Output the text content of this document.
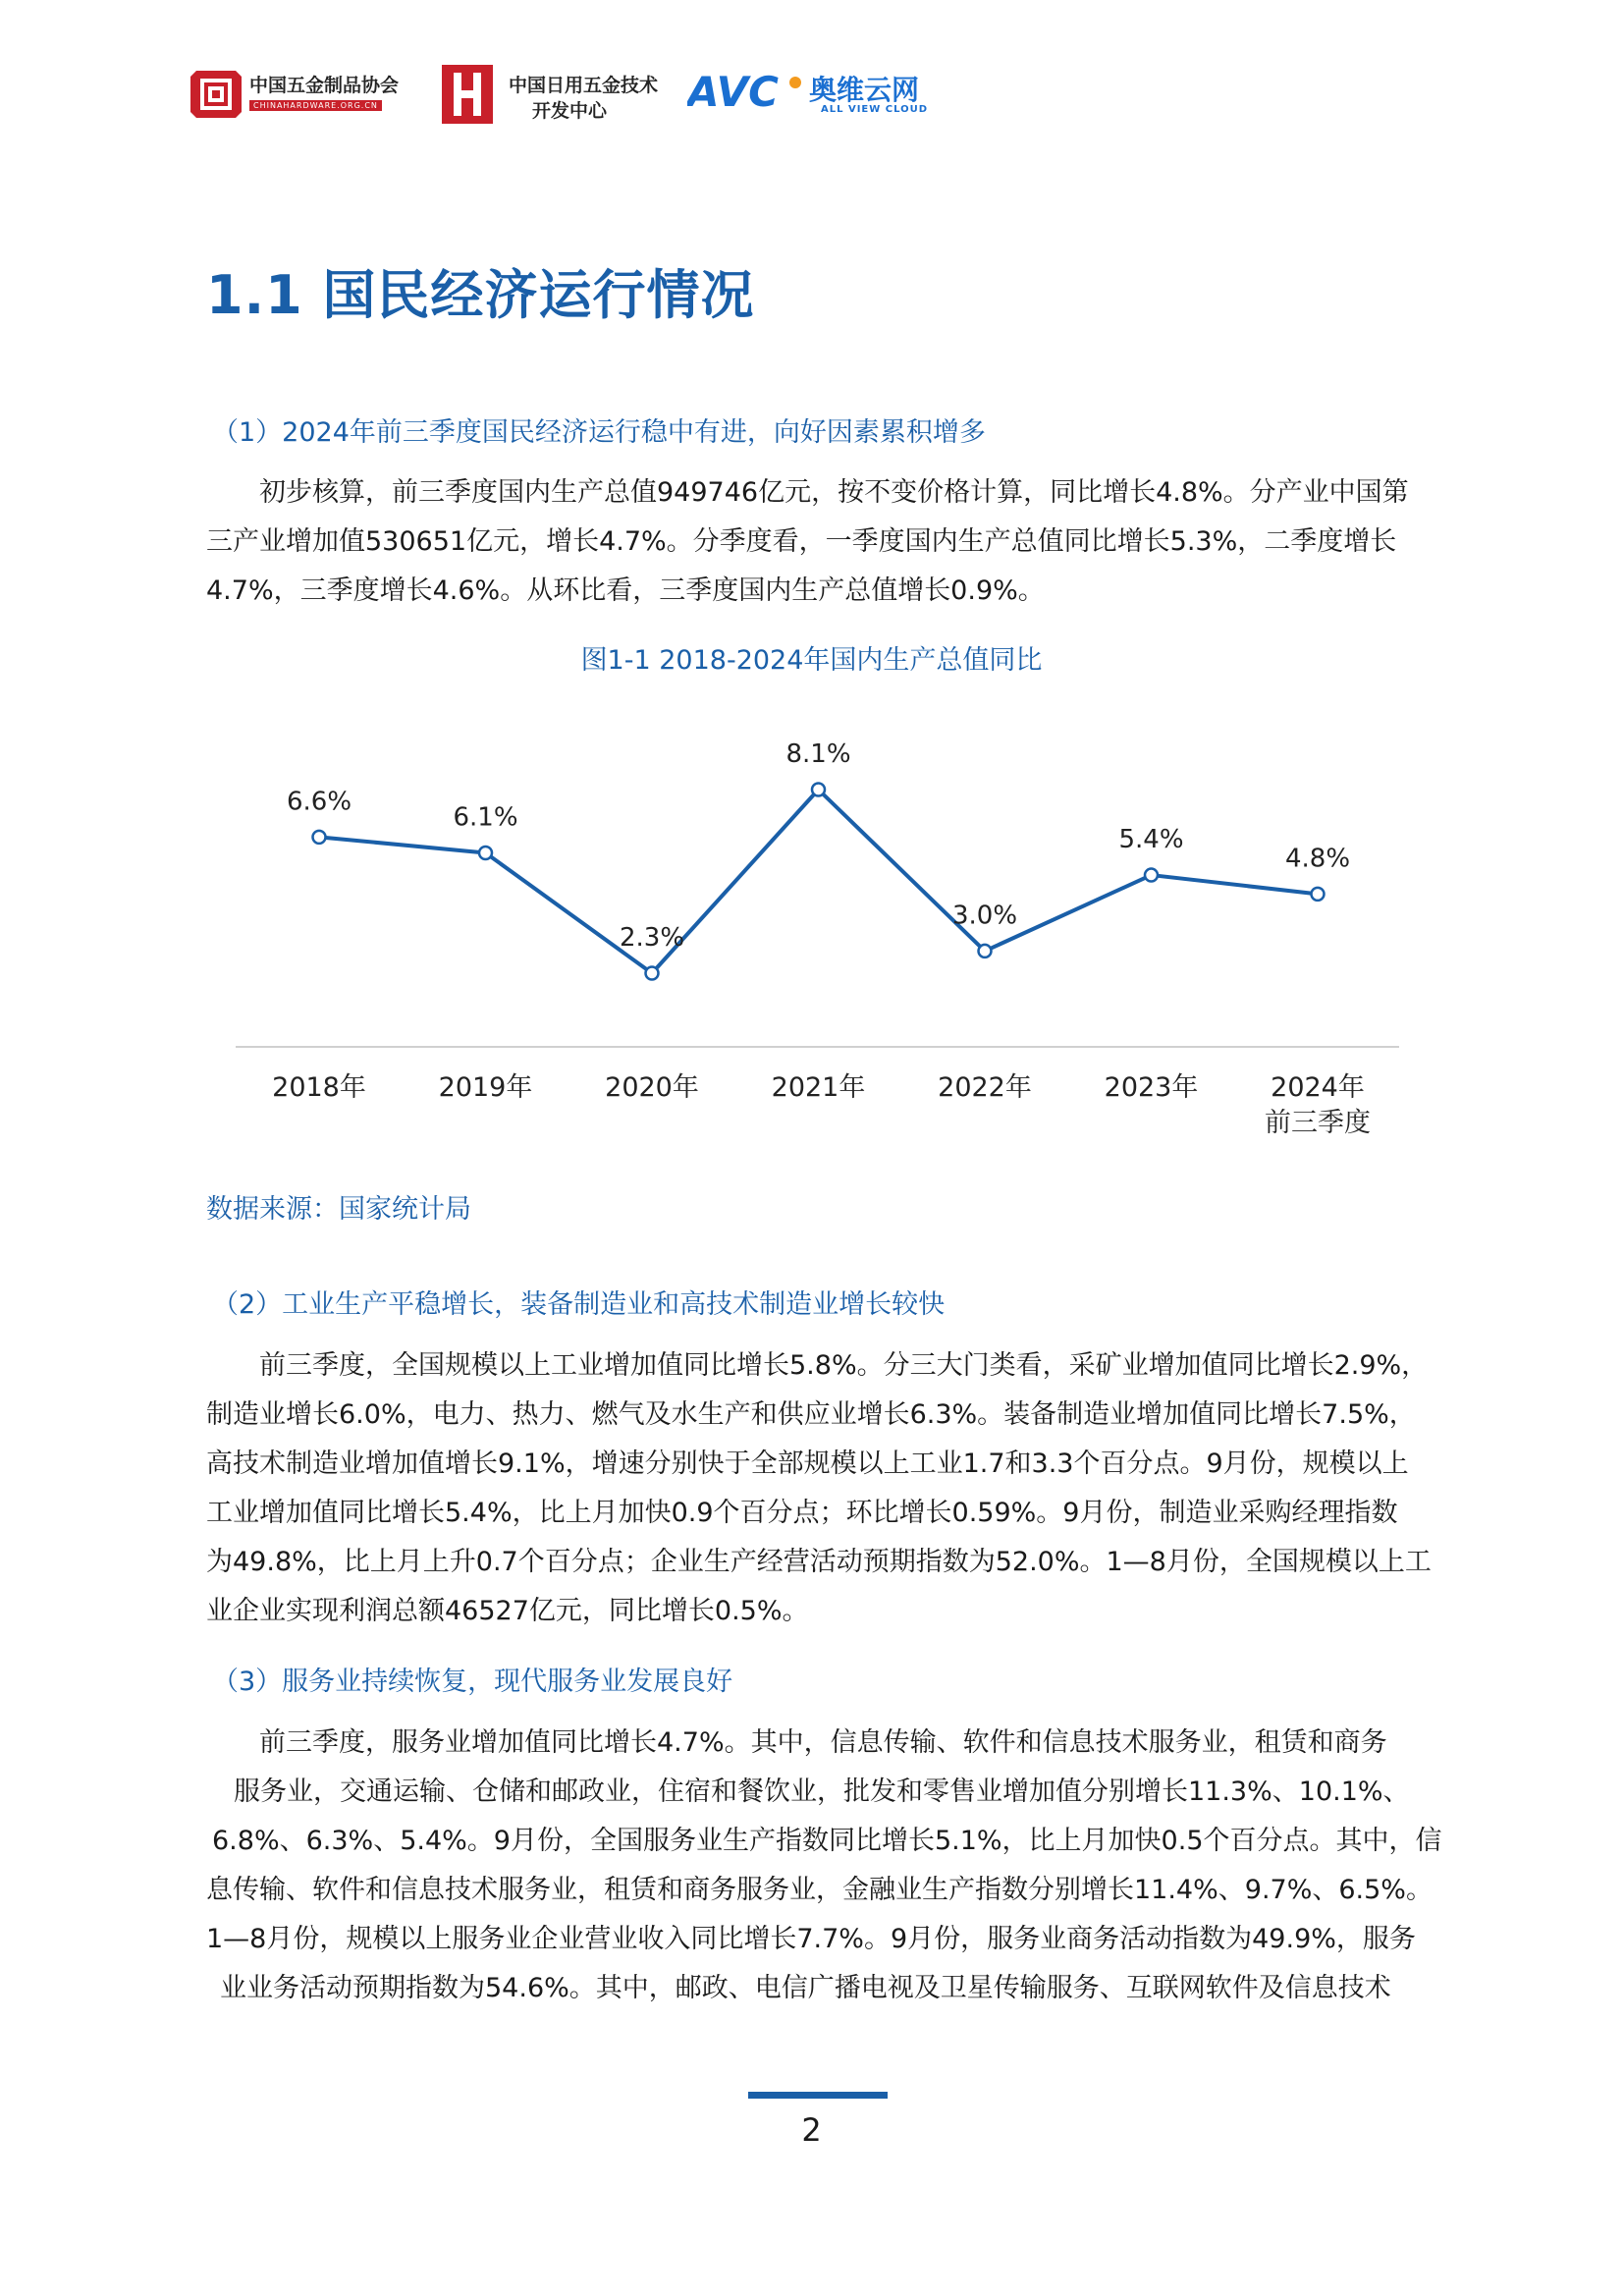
中国五金制品协会
CHINAHARDWARE.ORG.CN
中国日用五金技术
开发中心 AVC 奥维云网
ALL VIEW CLOUD
1.1 国民经济运行情况
（1）2024年前三季度国民经济运行稳中有进，向好因素累积增多

初步核算，前三季度国内生产总值949746亿元，按不变价格计算，同比增长4.8%。分产业中国第

三产业增加值530651亿元，增长4.7%。分季度看，一季度国内生产总值同比增长5.3%，二季度增长

4.7%，三季度增长4.6%。从环比看，三季度国内生产总值增长0.9%。

图1-1 2018-2024年国内生产总值同比
6.6%
6.1%
2.3%
8.1%
3.0%
5.4%
4.8%
2018年	2019年	2020年	2021年	2022年	2023年	2024年
前三季度
数据来源：国家统计局
（2）工业生产平稳增长，装备制造业和高技术制造业增长较快

前三季度，全国规模以上工业增加值同比增长5.8%。分三大门类看，采矿业增加值同比增长2.9%，

制造业增长6.0%，电力、热力、燃气及水生产和供应业增长6.3%。装备制造业增加值同比增长7.5%，

高技术制造业增加值增长9.1%，增速分别快于全部规模以上工业1.7和3.3个百分点。9月份，规模以上

工业增加值同比增长5.4%，比上月加快0.9个百分点；环比增长0.59%。9月份，制造业采购经理指数

为49.8%，比上月上升0.7个百分点；企业生产经营活动预期指数为52.0%。1—8月份，全国规模以上工

业企业实现利润总额46527亿元，同比增长0.5%。

（3）服务业持续恢复，现代服务业发展良好

前三季度，服务业增加值同比增长4.7%。其中，信息传输、软件和信息技术服务业，租赁和商务

服务业，交通运输、仓储和邮政业，住宿和餐饮业，批发和零售业增加值分别增长11.3%、10.1%、

6.8%、6.3%、5.4%。9月份，全国服务业生产指数同比增长5.1%，比上月加快0.5个百分点。其中，信

息传输、软件和信息技术服务业，租赁和商务服务业，金融业生产指数分别增长11.4%、9.7%、6.5%。

1—8月份，规模以上服务业企业营业收入同比增长7.7%。9月份，服务业商务活动指数为49.9%，服务

业业务活动预期指数为54.6%。其中，邮政、电信广播电视及卫星传输服务、互联网软件及信息技术

2
